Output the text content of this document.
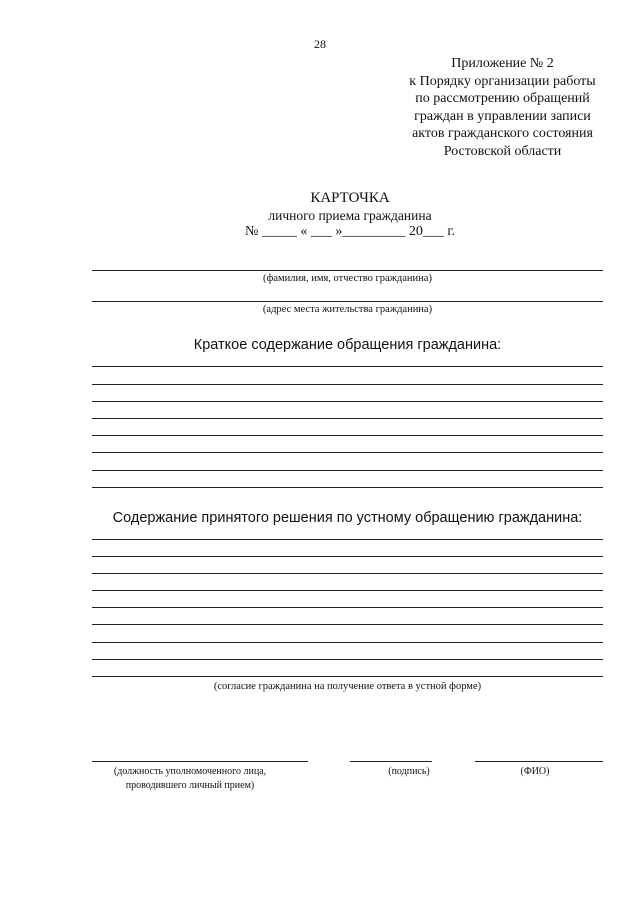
28
Приложение № 2
к Порядку организации работы
по рассмотрению обращений
граждан в управлении записи
актов гражданского состояния
Ростовской области
КАРТОЧКА
личного приема гражданина
№ _____ « ___ »_________ 20___ г.
(фамилия, имя, отчество гражданина)
(адрес места жительства гражданина)
Краткое содержание обращения гражданина:
Содержание принятого решения по устному обращению гражданина:
(согласие гражданина на получение ответа в устной форме)
(должность уполномоченного лица,
проводившего личный прием)
(подпись)	(ФИО)
